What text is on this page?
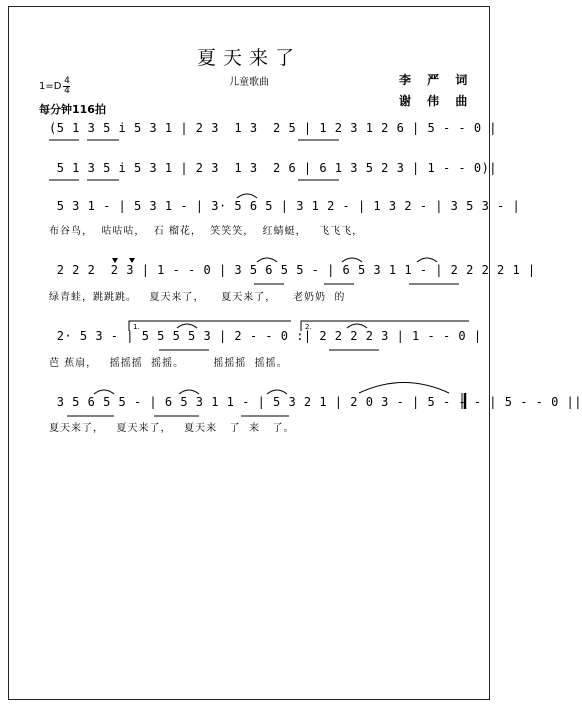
夏天来了
儿童歌曲	李 严 词
谢 伟 曲
$1=D \frac{4}{4}$
每分钟116拍
(5 1 3 5 i 5 3 1 | 2 3  1 3  2 5 | 1 2 3 1 2 6 | 5 - - 0 |
5 1 3 5 i 5 3 1 | 2 3  1 3  2 6 | 6 1 3 5 2 3 | 1 - - 0)|
5 3 1 - | 5 3 1 - | 3· 5 6 5 | 3 1 2 - | 1 3 2 - | 3 5 3 - |
布谷鸟，  咕咕咕，  石 榴花，  笑笑笑，  红蜻蜓，   飞飞飞，
2 2 2  2 3 | 1 - - 0 | 3 5 6 5 5 - | 6 5 3 1 1 - | 2 2 2 2 1 |
绿青蛙，跳跳跳。   夏天来了，    夏天来了，    老奶奶  的
2· 5 3 - | 5 5 5 5 3 | 2 - - 0 :| 2 2 2 2 3 | 1 - - 0 |
芭 蕉扇，   摇摇摇  摇摇。       摇摇摇  摇摇。
3 5 6 5 5 - | 6 5 3 1 1 - | 5 3 2 1 | 2 0 3 - | 5 - - - | 5 - - 0 ||
夏天来了，   夏天来了，   夏天来   了  来   了。
1.	2.
